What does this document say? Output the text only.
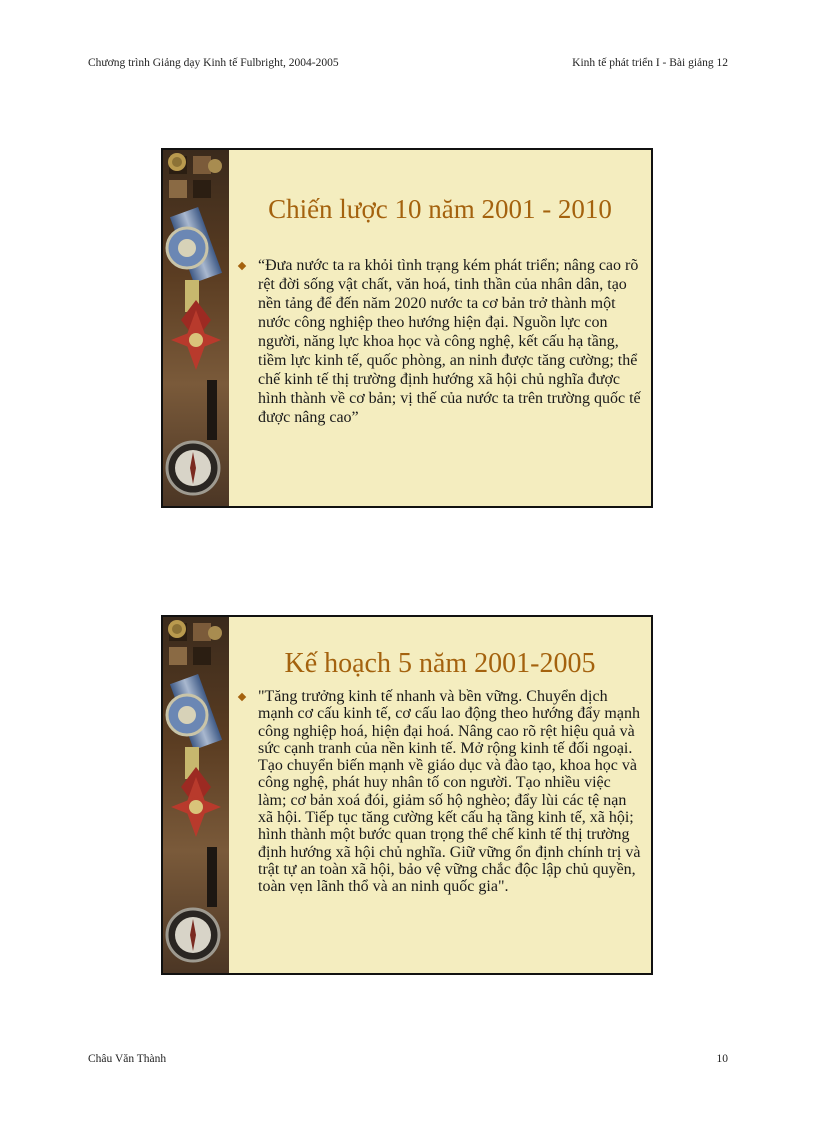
Chương trình Giảng dạy Kinh tế Fulbright, 2004-2005	Kinh tế phát triển I - Bài giảng 12
Chiến lược 10 năm 2001 - 2010
“Đưa nước ta ra khỏi tình trạng kém phát triển; nâng cao rõ rệt đời sống vật chất, văn hoá, tinh thần của nhân dân, tạo nền tảng để đến năm 2020 nước ta cơ bản trở thành một nước công nghiệp theo hướng hiện đại. Nguồn lực con người, năng lực khoa học và công nghệ, kết cấu hạ tầng, tiềm lực kinh tế, quốc phòng, an ninh được tăng cường; thể chế kinh tế thị trường định hướng xã hội chủ nghĩa được hình thành về cơ bản; vị thế của nước ta trên trường quốc tế được nâng cao”
Kế hoạch 5 năm 2001-2005
"Tăng trưởng kinh tế nhanh và bền vững. Chuyển dịch mạnh cơ cấu kinh tế, cơ cấu lao động theo hướng đẩy mạnh công nghiệp hoá, hiện đại hoá. Nâng cao rõ rệt hiệu quả và sức cạnh tranh của nền kinh tế. Mở rộng kinh tế đối ngoại. Tạo chuyển biến mạnh về giáo dục và đào tạo, khoa học và công nghệ, phát huy nhân tố con người. Tạo nhiều việc làm; cơ bản xoá đói, giảm số hộ nghèo; đẩy lùi các tệ nạn xã hội. Tiếp tục tăng cường kết cấu hạ tầng kinh tế, xã hội; hình thành một bước quan trọng thể chế kinh tế thị trường định hướng xã hội chủ nghĩa. Giữ vững ổn định chính trị và trật tự an toàn xã hội, bảo vệ vững chắc độc lập chủ quyền, toàn vẹn lãnh thổ và an ninh quốc gia".
Châu Văn Thành	10
